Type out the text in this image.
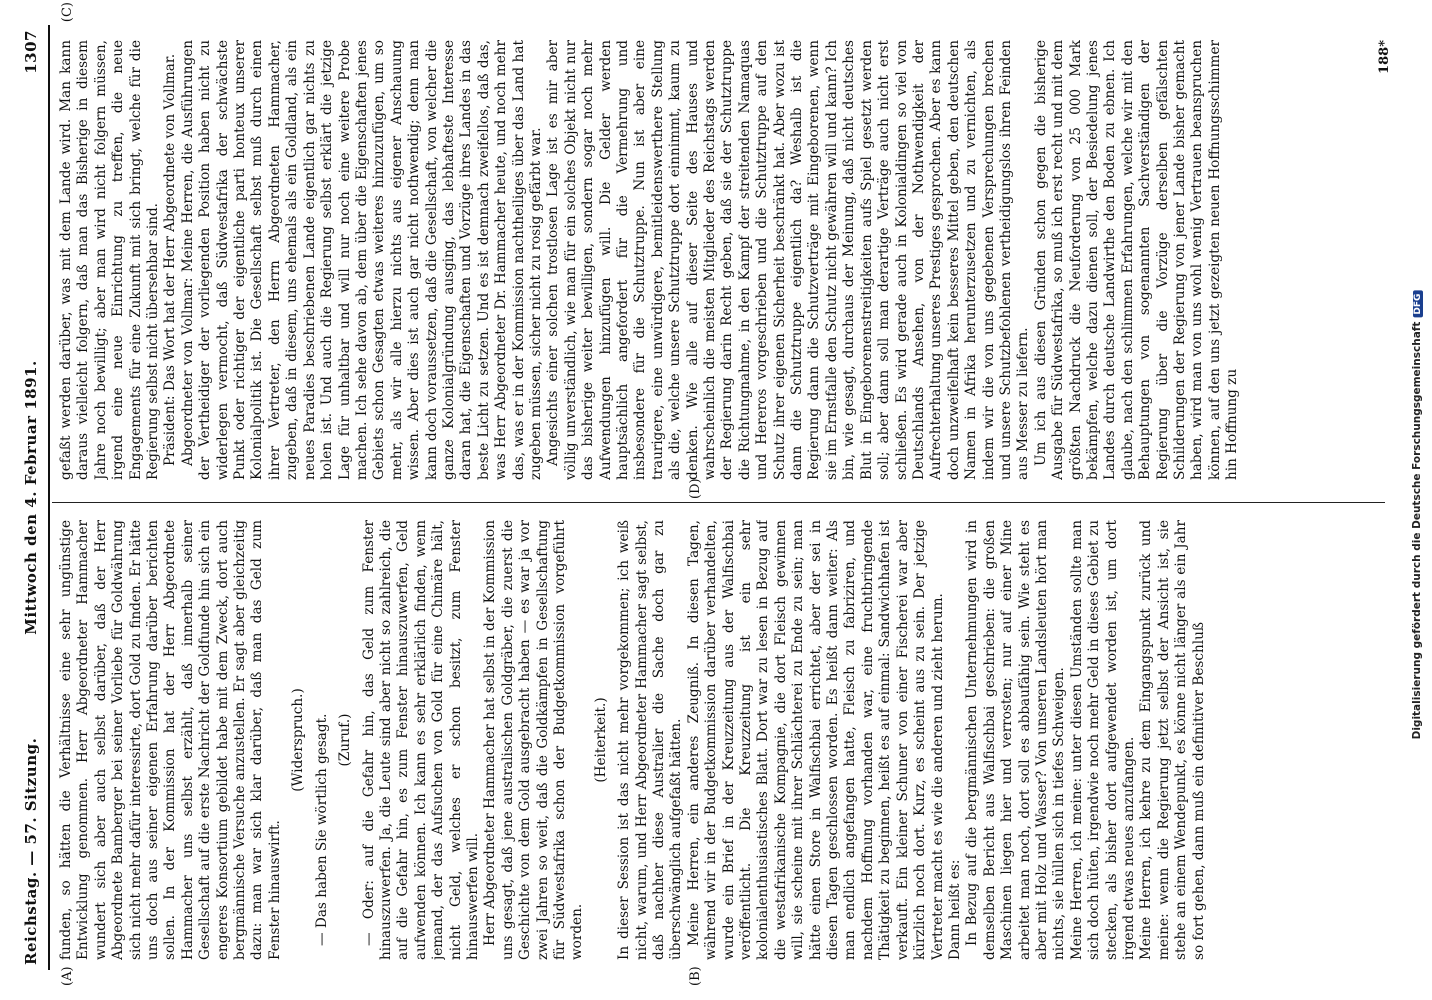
Reichstag. — 57. Sitzung.
Mittwoch den 4. Februar 1891.
1307
(A)	(B)
(C)
(D)

funden, so hätten die Verhältnisse eine sehr ungünstige Entwicklung genommen. Herr Abgeordneter Hammacher wundert sich aber auch selbst darüber, daß der Herr Abgeordnete Bamberger bei seiner Vorliebe für Goldwährung sich nicht mehr dafür interessirte, dort Gold zu finden. Er hätte uns doch aus seiner eigenen Erfahrung darüber berichten sollen. In der Kommission hat der Herr Abgeordnete Hammacher uns selbst erzählt, daß innerhalb seiner Gesellschaft auf die erste Nachricht der Goldfunde hin sich ein engeres Konsortium gebildet habe mit dem Zweck, dort auch bergmännische Versuche anzustellen. Er sagt aber gleichzeitig dazu: man war sich klar darüber, daß man das Geld zum Fenster hinauswirft.

(Widerspruch.) — Das haben Sie wörtlich gesagt. (Zuruf.) — Oder: auf die Gefahr hin, das Geld zum Fenster hinauszuwerfen. Ja, die Leute sind aber nicht so zahlreich, die auf die Gefahr hin, es zum Fenster hinauszuwerfen, Geld aufwenden können. Ich kann es sehr erklärlich finden, wenn jemand, der das Aufsuchen von Gold für eine Chimäre hält, nicht Geld, welches er schon besitzt, zum Fenster hinauswerfen will. Herr Abgeordneter Hammacher hat selbst in der Kommission uns gesagt, daß jene australischen Goldgräber, die zuerst die Geschichte von dem Gold ausgebracht haben — es war ja vor zwei Jahren so weit, daß die Goldkämpfen in Gesellschaftung für Südwestafrika schon der Budgetkommission vorgeführt worden.

(Heiterkeit.) In dieser Session ist das nicht mehr vorgekommen; ich weiß nicht, warum, und Herr Abgeordneter Hammacher sagt selbst, daß nachher diese Australier die Sache doch gar zu überschwänglich aufgefaßt hätten. Meine Herren, ein anderes Zeugniß. In diesen Tagen, während wir in der Budgetkommission darüber verhandelten, wurde ein Brief in der Kreuzzeitung aus der Walfischbai veröffentlicht. Die Kreuzzeitung ist ein sehr kolonialenthusiastisches Blatt. Dort war zu lesen in Bezug auf die westafrikanische Kompagnie, die dort Fleisch gewinnen will, sie scheine mit ihrer Schlächterei zu Ende zu sein; man hätte einen Store in Walfischbai errichtet, aber der sei in diesen Tagen geschlossen worden. Es heißt dann weiter: Als man endlich angefangen hatte, Fleisch zu fabriziren, und nachdem Hoffnung vorhanden war, eine fruchtbringende Thätigkeit zu beginnen, heißt es auf einmal: Sandwichhafen ist verkauft. Ein kleiner Schuner von einer Fischerei war aber kürzlich noch dort. Kurz, es scheint aus zu sein. Der jetzige Vertreter macht es wie die anderen und zieht herum. Dann heißt es: In Bezug auf die bergmännischen Unternehmungen wird in demselben Bericht aus Walfischbai geschrieben: die großen Maschinen liegen hier und verrosten; nur auf einer Mine arbeitet man noch, dort soll es abbaufähig sein. Wie steht es aber mit Holz und Wasser? Von unseren Landsleuten hört man nichts, sie hüllen sich in tiefes Schweigen. Meine Herren, ich meine: unter diesen Umständen sollte man sich doch hüten, irgendwie noch mehr Geld in dieses Gebiet zu stecken, als bisher dort aufgewendet worden ist, um dort irgend etwas neues anzufangen. Meine Herren, ich kehre zu dem Eingangspunkt zurück und meine: wenn die Regierung jetzt selbst der Ansicht ist, sie stehe an einem Wendepunkt, es könne nicht länger als ein Jahr so fort gehen, dann muß ein definitiver Beschluß

gefaßt werden darüber, was mit dem Lande wird. Man kann daraus vielleicht folgern, daß man das Bisherige in diesem Jahre noch bewilligt; aber man wird nicht folgern müssen, irgend eine neue Einrichtung zu treffen, die neue Engagements für eine Zukunft mit sich bringt, welche für die Regierung selbst nicht übersehbar sind. Präsident: Das Wort hat der Herr Abgeordnete von Vollmar. Abgeordneter von Vollmar: Meine Herren, die Ausführungen der Vertheidiger der vorliegenden Position haben nicht zu widerlegen vermocht, daß Südwestafrika der schwächste Punkt oder richtiger der eigentliche parti honteux unserer Kolonialpolitik ist. Die Gesellschaft selbst muß durch einen ihrer Vertreter, den Herrn Abgeordneten Hammacher, zugeben, daß in diesem, uns ehemals als ein Goldland, als ein neues Paradies beschriebenen Lande eigentlich gar nichts zu holen ist. Und auch die Regierung selbst erklärt die jetzige Lage für unhaltbar und will nur noch eine weitere Probe machen. Ich sehe davon ab, dem über die Eigenschaften jenes Gebiets schon Gesagten etwas weiteres hinzuzufügen, um so mehr, als wir alle hierzu nichts aus eigener Anschauung wissen. Aber dies ist auch gar nicht nothwendig; denn man kann doch voraussetzen, daß die Gesellschaft, von welcher die ganze Kolonialgründung ausging, das lebhafteste Interesse daran hat, die Eigenschaften und Vorzüge ihres Landes in das beste Licht zu setzen. Und es ist demnach zweifellos, daß das, was Herr Abgeordneter Dr. Hammacher heute, und noch mehr das, was er in der Kommission nachtheiliges über das Land hat zugeben müssen, sicher nicht zu rosig gefärbt war. Angesichts einer solchen trostlosen Lage ist es mir aber völlig unverständlich, wie man für ein solches Objekt nicht nur das bisherige weiter bewilligen, sondern sogar noch mehr Aufwendungen hinzufügen will. Die Gelder werden hauptsächlich angefordert für die Vermehrung und insbesondere für die Schutztruppe. Nun ist aber eine traurigere, eine unwürdigere, bemitleidenswerthere Stellung als die, welche unsere Schutztruppe dort einnimmt, kaum zu denken. Wie alle auf dieser Seite des Hauses und wahrscheinlich die meisten Mitglieder des Reichstags werden der Regierung darin Recht geben, daß sie der Schutztruppe die Richtungnahme, in den Kampf der streitenden Namaquas und Hereros vorgeschrieben und die Schutztruppe auf den Schutz ihrer eigenen Sicherheit beschränkt hat. Aber wozu ist dann die Schutztruppe eigentlich da? Weshalb ist die Regierung dann die Schutzverträge mit Eingeborenen, wenn sie im Ernstfalle den Schutz nicht gewähren will und kann? Ich bin, wie gesagt, durchaus der Meinung, daß nicht deutsches Blut in Eingeborenenstreitigkeiten aufs Spiel gesetzt werden soll; aber dann soll man derartige Verträge auch nicht erst schließen. Es wird gerade auch in Kolonialdingen so viel von Deutschlands Ansehen, von der Nothwendigkeit der Aufrechterhaltung unseres Prestiges gesprochen. Aber es kann doch unzweifelhaft kein besseres Mittel geben, den deutschen Namen in Afrika herunterzusetzen und zu vernichten, als indem wir die von uns gegebenen Versprechungen brechen und unsere Schutzbefohlenen vertheidigungslos ihren Feinden aus Messer zu liefern. Um ich aus diesen Gründen schon gegen die bisherige Ausgabe für Südwestafrika, so muß ich erst recht und mit dem größten Nachdruck die Neuforderung von 25 000 Mark bekämpfen, welche dazu dienen soll, der Besiedelung jenes Landes durch deutsche Landwirthe den Boden zu ebnen. Ich glaube, nach den schlimmen Erfahrungen, welche wir mit den Behauptungen von sogenannten Sachverständigen der Regierung über die Vorzüge derselben gefälschten Schilderungen der Regierung von jener Lande bisher gemacht haben, wird man von uns wohl wenig Vertrauen beanspruchen können, auf den uns jetzt gezeigten neuen Hoffnungsschimmer hin Hoffnung zu

188*
Digitalisierung gefördert durch die Deutsche ForschungsgemeinschaftDFG
